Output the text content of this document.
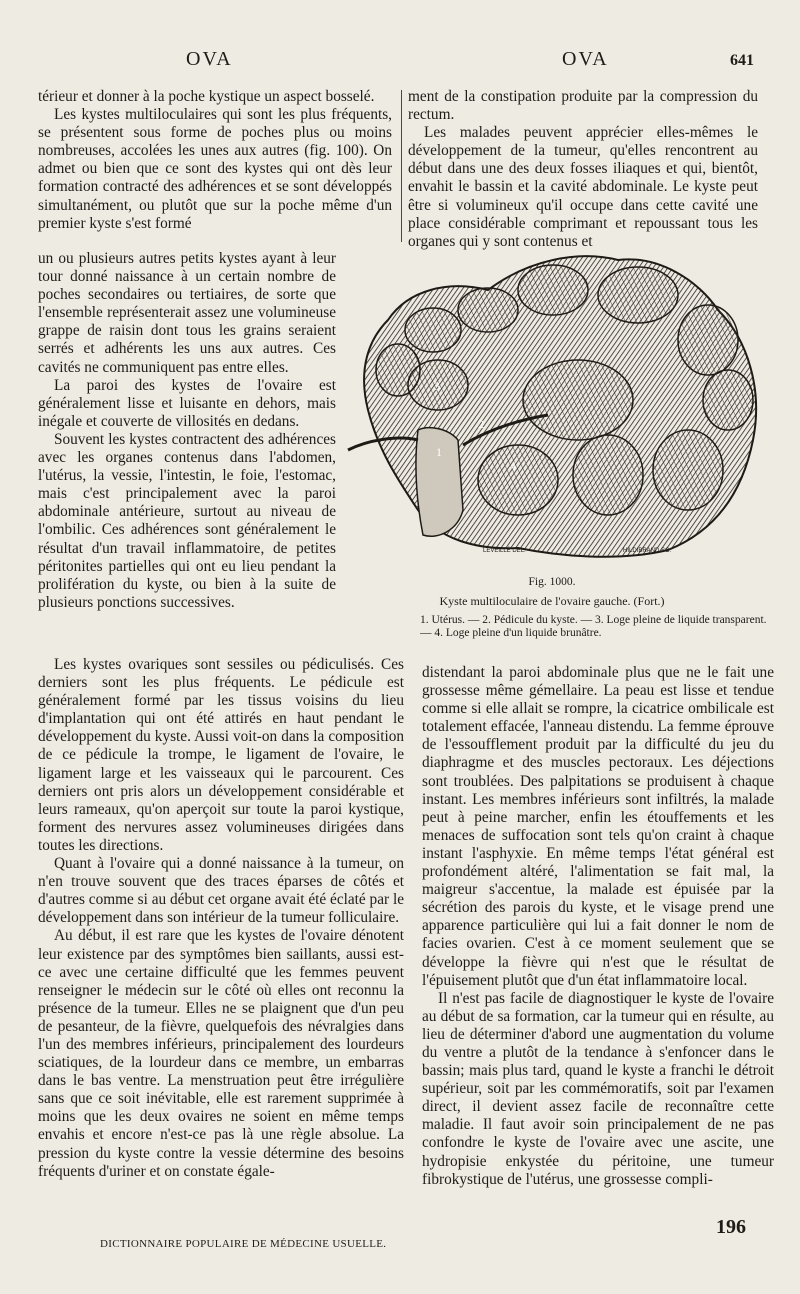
OVA	OVA	641

térieur et donner à la poche kystique un aspect bosselé.

Les kystes multiloculaires qui sont les plus fréquents, se présentent sous forme de poches plus ou moins nombreuses, accolées les unes aux autres (fig. 100). On admet ou bien que ce sont des kystes qui ont dès leur formation contracté des adhérences et se sont développés simultanément, ou plutôt que sur la poche même d'un premier kyste s'est formé

un ou plusieurs autres petits kystes ayant à leur tour donné naissance à un certain nombre de poches secondaires ou tertiaires, de sorte que l'ensemble représenterait assez une volumineuse grappe de raisin dont tous les grains seraient serrés et adhérents les uns aux autres. Ces cavités ne communiquent pas entre elles.

La paroi des kystes de l'ovaire est généralement lisse et luisante en dehors, mais inégale et couverte de villosités en dedans.

Souvent les kystes contractent des adhérences avec les organes contenus dans l'abdomen, l'utérus, la vessie, l'intestin, le foie, l'estomac, mais c'est principalement avec la paroi abdominale antérieure, surtout au niveau de l'ombilic. Ces adhérences sont généralement le résultat d'un travail inflammatoire, de petites péritonites partielles qui ont eu lieu pendant la prolifération du kyste, ou bien à la suite de plusieurs ponctions successives.

Les kystes ovariques sont sessiles ou pédiculisés. Ces derniers sont les plus fréquents. Le pédicule est généralement formé par les tissus voisins du lieu d'implantation qui ont été attirés en haut pendant le développement du kyste. Aussi voit-on dans la composition de ce pédicule la trompe, le ligament de l'ovaire, le ligament large et les vaisseaux qui le parcourent. Ces derniers ont pris alors un développement considérable et leurs rameaux, qu'on aperçoit sur toute la paroi kystique, forment des nervures assez volumineuses dirigées dans toutes les directions.

Quant à l'ovaire qui a donné naissance à la tumeur, on n'en trouve souvent que des traces éparses de côtés et d'autres comme si au début cet organe avait été éclaté par le développement dans son intérieur de la tumeur folliculaire.

Au début, il est rare que les kystes de l'ovaire dénotent leur existence par des symptômes bien saillants, aussi est-ce avec une certaine difficulté que les femmes peuvent renseigner le médecin sur le côté où elles ont reconnu la présence de la tumeur. Elles ne se plaignent que d'un peu de pesanteur, de la fièvre, quelquefois des névralgies dans l'un des membres inférieurs, principalement des lourdeurs sciatiques, de la lourdeur dans ce membre, un embarras dans le bas ventre. La menstruation peut être irrégulière sans que ce soit inévitable, elle est rarement supprimée à moins que les deux ovaires ne soient en même temps envahis et encore n'est-ce pas là une règle absolue. La pression du kyste contre la vessie détermine des besoins fréquents d'uriner et on constate égale-

ment de la constipation produite par la compression du rectum.

Les malades peuvent apprécier elles-mêmes le développement de la tumeur, qu'elles rencontrent au début dans une des deux fosses iliaques et qui, bientôt, envahit le bassin et la cavité abdominale. Le kyste peut être si volumineux qu'il occupe dans cette cavité une place considérable comprimant et repoussant tous les organes qui y sont contenus et

3
1
2
4
LÉVEILLÉ DEL.	HILDIBRAND SC.
Fig. 1000.
Kyste multiloculaire de l'ovaire gauche. (Fort.)

1. Utérus. — 2. Pédicule du kyste. — 3. Loge pleine de liquide transparent. — 4. Loge pleine d'un liquide brunâtre.

distendant la paroi abdominale plus que ne le fait une grossesse même gémellaire. La peau est lisse et tendue comme si elle allait se rompre, la cicatrice ombilicale est totalement effacée, l'anneau distendu. La femme éprouve de l'essoufflement produit par la difficulté du jeu du diaphragme et des muscles pectoraux. Les déjections sont troublées. Des palpitations se produisent à chaque instant. Les membres inférieurs sont infiltrés, la malade peut à peine marcher, enfin les étouffements et les menaces de suffocation sont tels qu'on craint à chaque instant l'asphyxie. En même temps l'état général est profondément altéré, l'alimentation se fait mal, la maigreur s'accentue, la malade est épuisée par la sécrétion des parois du kyste, et le visage prend une apparence particulière qui lui a fait donner le nom de facies ovarien. C'est à ce moment seulement que se développe la fièvre qui n'est que le résultat de l'épuisement plutôt que d'un état inflammatoire local.

Il n'est pas facile de diagnostiquer le kyste de l'ovaire au début de sa formation, car la tumeur qui en résulte, au lieu de déterminer d'abord une augmentation du volume du ventre a plutôt de la tendance à s'enfoncer dans le bassin; mais plus tard, quand le kyste a franchi le détroit supérieur, soit par les commémoratifs, soit par l'examen direct, il devient assez facile de reconnaître cette maladie. Il faut avoir soin principalement de ne pas confondre le kyste de l'ovaire avec une ascite, une hydropisie enkystée du péritoine, une tumeur fibrokystique de l'utérus, une grossesse compli-

DICTIONNAIRE POPULAIRE DE MÉDECINE USUELLE.
196
